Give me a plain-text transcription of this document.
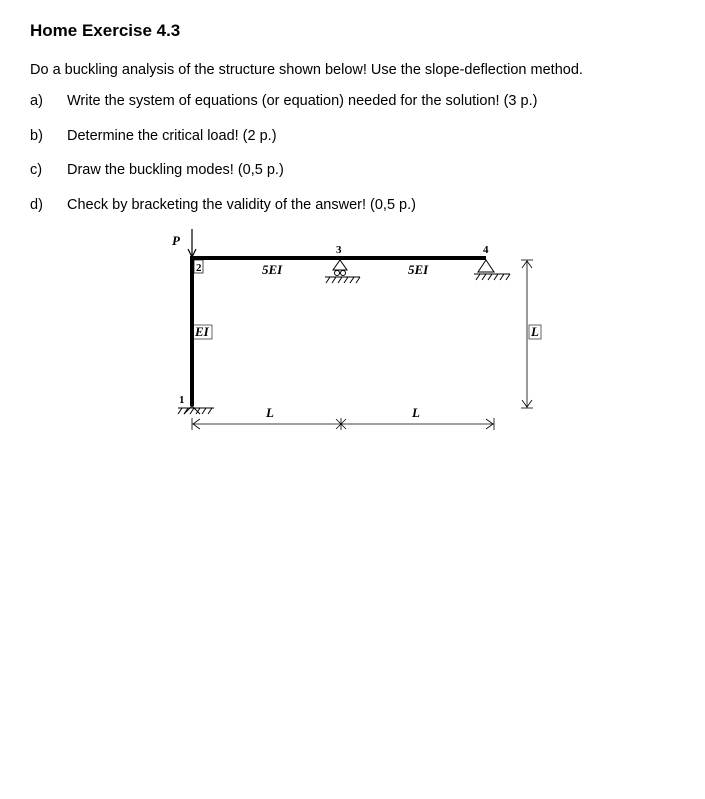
Home Exercise 4.3

Do a buckling analysis of the structure shown below! Use the slope-deflection method.

a) Write the system of equations (or equation) needed for the solution! (3 p.)
b) Determine the critical load! (2 p.)
c) Draw the buckling modes! (0,5 p.)
d) Check by bracketing the validity of the answer! (0,5 p.)
P
1
2
3	4
5EI	5EI
EI
L	L
L
